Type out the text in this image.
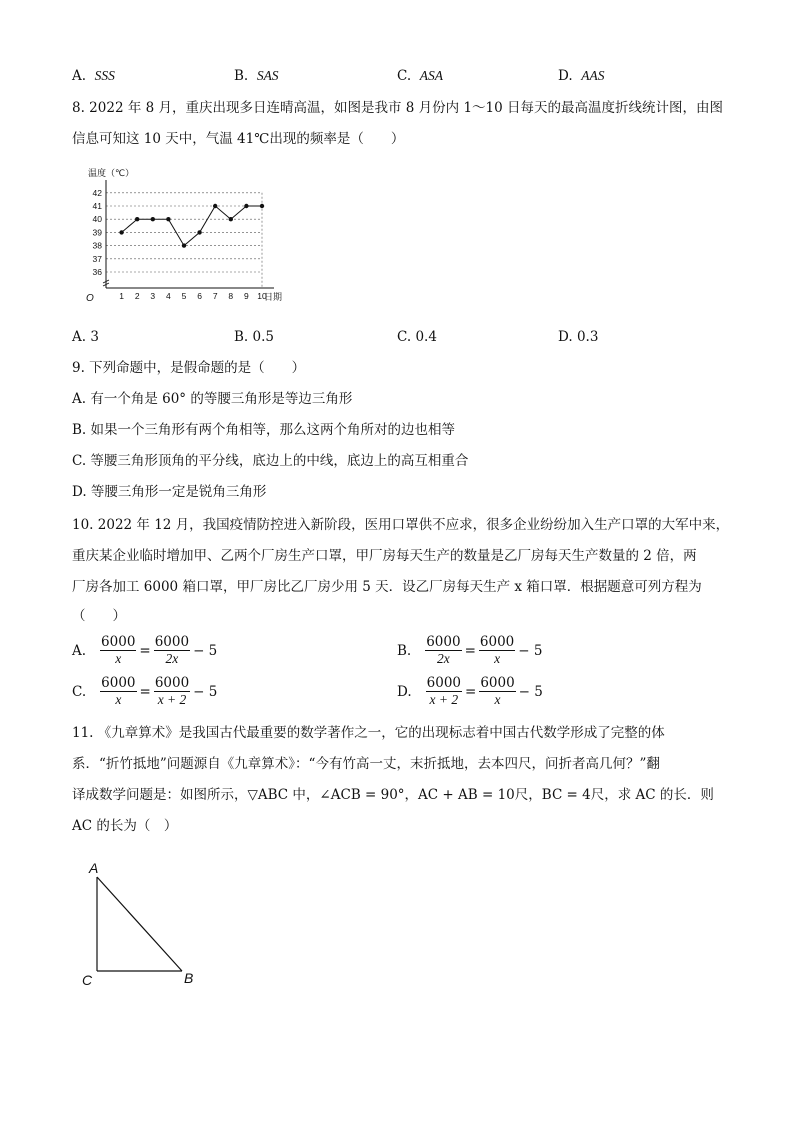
A. SSS	B. SAS	C. ASA	D. AAS
8. 2022 年 8 月，重庆出现多日连晴高温，如图是我市 8 月份内 1～10 日每天的最高温度折线统计图，由图
信息可知这 10 天中，气温 41℃出现的频率是（　　）
温度（℃）
日期
O
36
37
38
39
40
41
42
1 2 3 4 5 6 7 8 9 10
A. 3	B. 0.5	C. 0.4	D. 0.3
9. 下列命题中，是假命题的是（　　）
A. 有一个角是 60° 的等腰三角形是等边三角形
B. 如果一个三角形有两个角相等，那么这两个角所对的边也相等
C. 等腰三角形顶角的平分线，底边上的中线，底边上的高互相重合
D. 等腰三角形一定是锐角三角形
10. 2022 年 12 月，我国疫情防控进入新阶段，医用口罩供不应求，很多企业纷纷加入生产口罩的大军中来，
重庆某企业临时增加甲、乙两个厂房生产口罩，甲厂房每天生产的数量是乙厂房每天生产数量的 2 倍，两
厂房各加工 6000 箱口罩，甲厂房比乙厂房少用 5 天．设乙厂房每天生产 x 箱口罩．根据题意可列方程为
（　　）
A. $\frac{6000}{x} = \frac{6000}{2x} - 5$	B. $\frac{6000}{2x} = \frac{6000}{x} - 5$
C. $\frac{6000}{x} = \frac{6000}{x + 2} - 5$	D. $\frac{6000}{x + 2} = \frac{6000}{x} - 5$
11. 《九章算术》是我国古代最重要的数学著作之一，它的出现标志着中国古代数学形成了完整的体
系．“折竹抵地”问题源自《九章算术》：“今有竹高一丈，末折抵地，去本四尺，问折者高几何？”翻
译成数学问题是：如图所示，▽ABC 中，∠ACB = 90°，AC + AB = 10尺，BC = 4尺，求 AC 的长．则
AC 的长为（　）
A
C	B
